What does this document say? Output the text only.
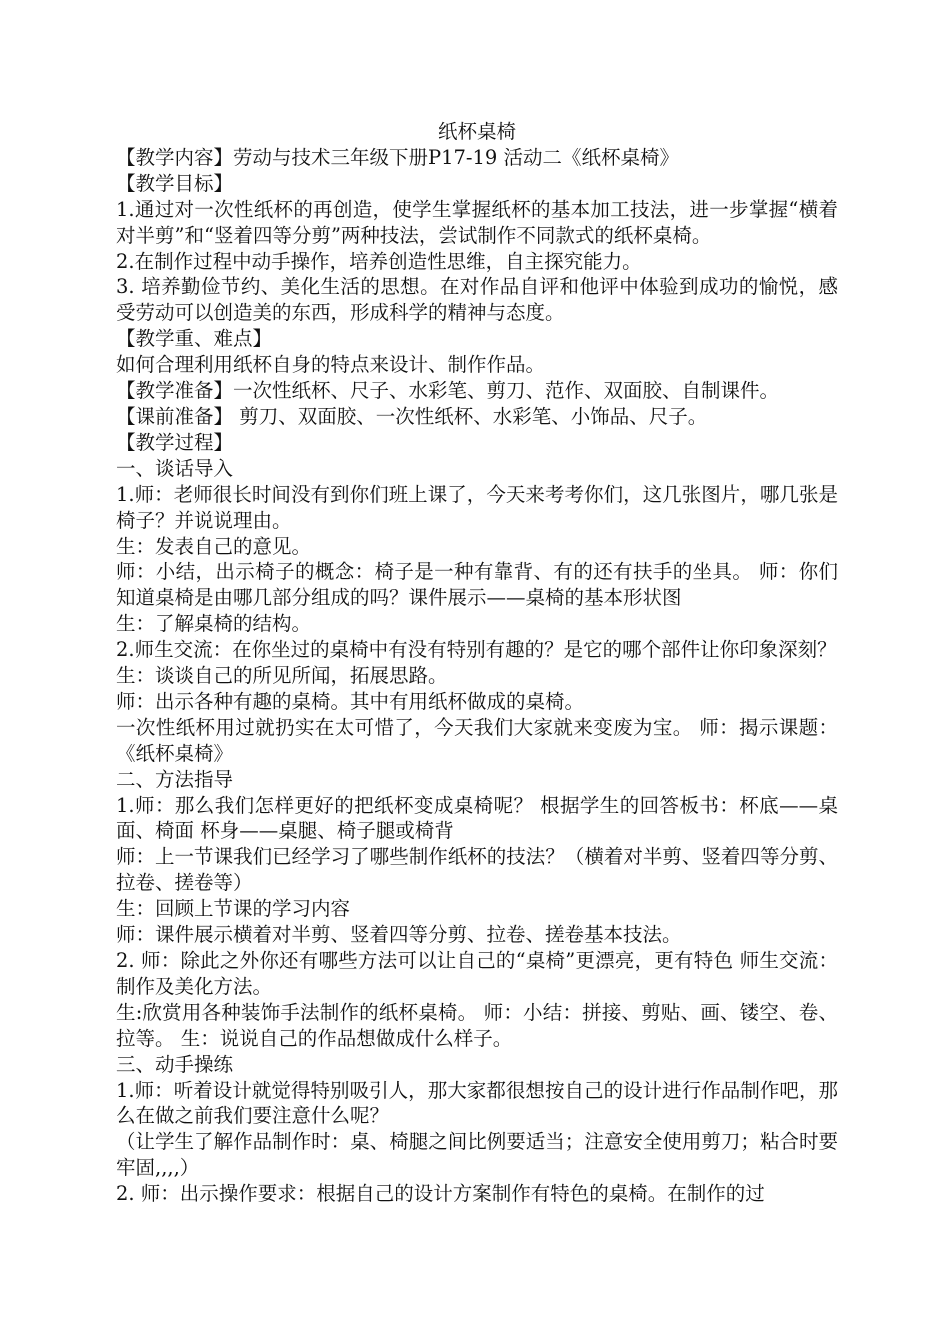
纸杯桌椅

【教学内容】劳动与技术三年级下册P17-19 活动二《纸杯桌椅》

【教学目标】

1.通过对一次性纸杯的再创造，使学生掌握纸杯的基本加工技法，进一步掌握“横着对半剪”和“竖着四等分剪”两种技法，尝试制作不同款式的纸杯桌椅。

2.在制作过程中动手操作，培养创造性思维，自主探究能力。

3. 培养勤俭节约、美化生活的思想。在对作品自评和他评中体验到成功的愉悦，感受劳动可以创造美的东西，形成科学的精神与态度。

【教学重、难点】

如何合理利用纸杯自身的特点来设计、制作作品。

【教学准备】一次性纸杯、尺子、水彩笔、剪刀、范作、双面胶、自制课件。

【课前准备】 剪刀、双面胶、一次性纸杯、水彩笔、小饰品、尺子。

【教学过程】

一、谈话导入

1.师：老师很长时间没有到你们班上课了，今天来考考你们，这几张图片，哪几张是椅子？并说说理由。

生：发表自己的意见。

师：小结，出示椅子的概念：椅子是一种有靠背、有的还有扶手的坐具。 师：你们知道桌椅是由哪几部分组成的吗？课件展示——桌椅的基本形状图

生：了解桌椅的结构。

2.师生交流：在你坐过的桌椅中有没有特别有趣的？是它的哪个部件让你印象深刻？

生：谈谈自己的所见所闻，拓展思路。

师：出示各种有趣的桌椅。其中有用纸杯做成的桌椅。

一次性纸杯用过就扔实在太可惜了，今天我们大家就来变废为宝。 师：揭示课题：《纸杯桌椅》

二、方法指导

1.师：那么我们怎样更好的把纸杯变成桌椅呢？ 根据学生的回答板书：杯底——桌面、椅面 杯身——桌腿、椅子腿或椅背

师：上一节课我们已经学习了哪些制作纸杯的技法？（横着对半剪、竖着四等分剪、拉卷、搓卷等）

生：回顾上节课的学习内容

师：课件展示横着对半剪、竖着四等分剪、拉卷、搓卷基本技法。

2. 师：除此之外你还有哪些方法可以让自己的“桌椅”更漂亮，更有特色 师生交流：制作及美化方法。

生:欣赏用各种装饰手法制作的纸杯桌椅。 师：小结：拼接、剪贴、画、镂空、卷、拉等。 生：说说自己的作品想做成什么样子。

三、动手操练

1.师：听着设计就觉得特别吸引人，那大家都很想按自己的设计进行作品制作吧，那么在做之前我们要注意什么呢？

（让学生了解作品制作时：桌、椅腿之间比例要适当；注意安全使用剪刀；粘合时要牢固,,,,）

2. 师：出示操作要求：根据自己的设计方案制作有特色的桌椅。在制作的过
